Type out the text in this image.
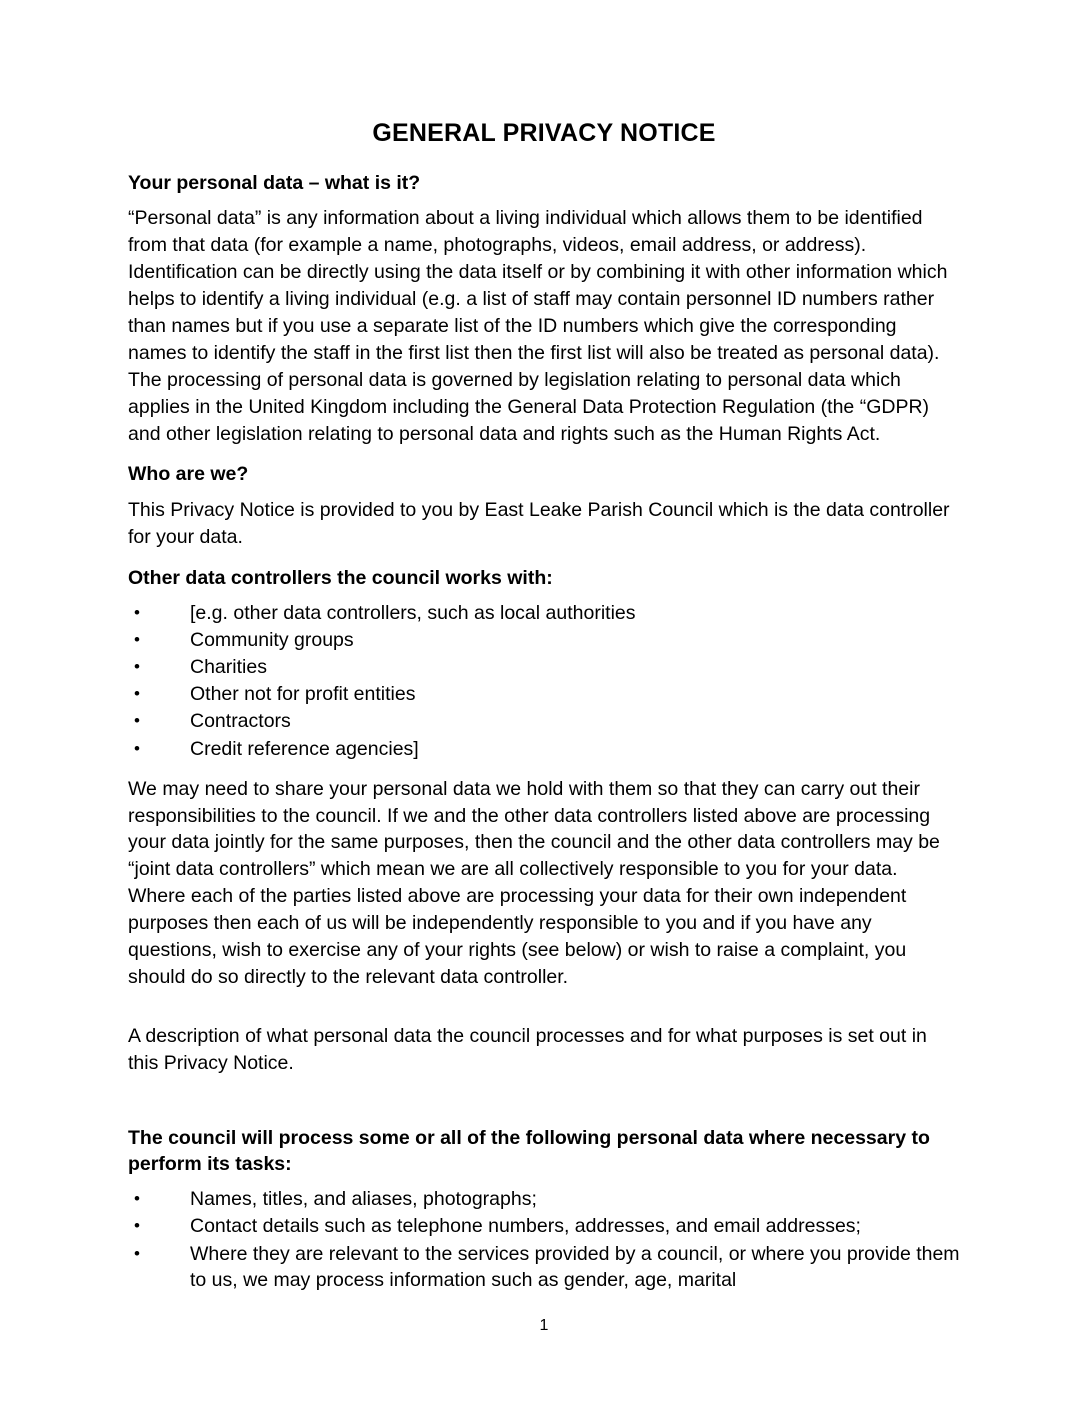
GENERAL PRIVACY NOTICE
Your personal data – what is it?

“Personal data” is any information about a living individual which allows them to be identified from that data (for example a name, photographs, videos, email address, or address). Identification can be directly using the data itself or by combining it with other information which helps to identify a living individual (e.g. a list of staff may contain personnel ID numbers rather than names but if you use a separate list of the ID numbers which give the corresponding names to identify the staff in the first list then the first list will also be treated as personal data). The processing of personal data is governed by legislation relating to personal data which applies in the United Kingdom including the General Data Protection Regulation (the “GDPR) and other legislation relating to personal data and rights such as the Human Rights Act.

Who are we?

This Privacy Notice is provided to you by East Leake Parish Council which is the data controller for your data.

Other data controllers the council works with:
•	[e.g. other data controllers, such as local authorities
•	Community groups
•	Charities
•	Other not for profit entities
•	Contractors
•	Credit reference agencies]

We may need to share your personal data we hold with them so that they can carry out their responsibilities to the council. If we and the other data controllers listed above are processing your data jointly for the same purposes, then the council and the other data controllers may be “joint data controllers” which mean we are all collectively responsible to you for your data. Where each of the parties listed above are processing your data for their own independent purposes then each of us will be independently responsible to you and if you have any questions, wish to exercise any of your rights (see below) or wish to raise a complaint, you should do so directly to the relevant data controller.

A description of what personal data the council processes and for what purposes is set out in this Privacy Notice.

The council will process some or all of the following personal data where necessary to perform its tasks:
•	Names, titles, and aliases, photographs;
•	Contact details such as telephone numbers, addresses, and email addresses;
•	Where they are relevant to the services provided by a council, or where you provide them to us, we may process information such as gender, age, marital
1
